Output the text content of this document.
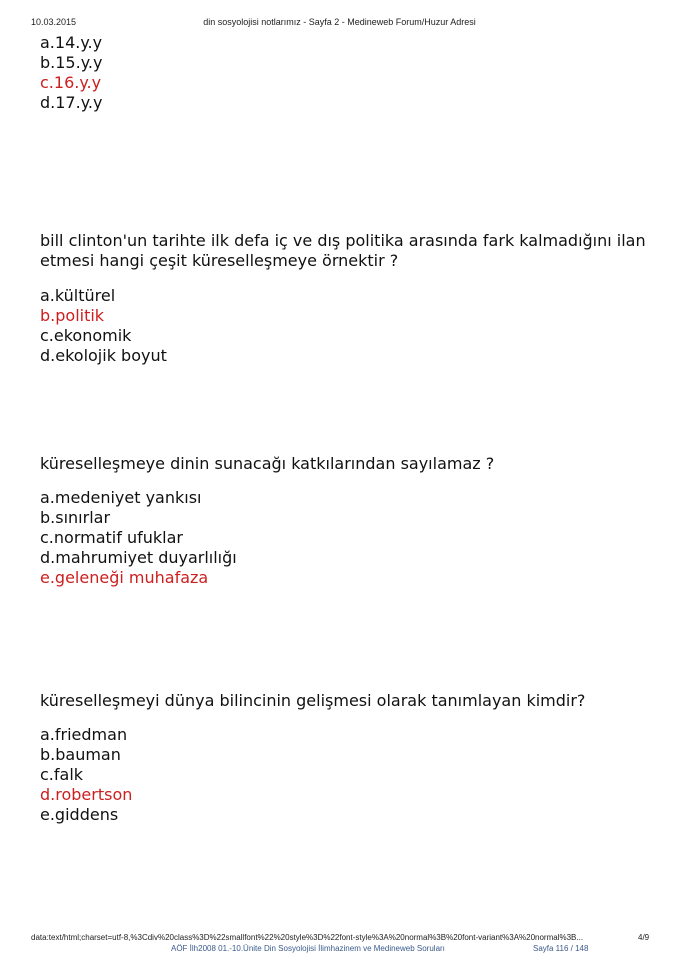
10.03.2015	din sosyolojisi notlarımız - Sayfa 2 - Medineweb Forum/Huzur Adresi
a.14.y.y
b.15.y.y
c.16.y.y
d.17.y.y

bill clinton'un tarihte ilk defa iç ve dış politika arasında fark kalmadığını ilan etmesi hangi çeşit küreselleşmeye örnektir ?

a.kültürel
b.politik
c.ekonomik
d.ekolojik boyut

küreselleşmeye dinin sunacağı katkılarından sayılamaz ?

a.medeniyet yankısı
b.sınırlar
c.normatif ufuklar
d.mahrumiyet duyarlılığı
e.geleneği muhafaza

küreselleşmeyi dünya bilincinin gelişmesi olarak tanımlayan kimdir?

a.friedman
b.bauman
c.falk
d.robertson
e.giddens
data:text/html;charset=utf-8,%3Cdiv%20class%3D%22smallfont%22%20style%3D%22font-style%3A%20normal%3B%20font-variant%3A%20normal%3B...	4/9
AÖF İlh2008 01.-10.Ünite Din Sosyolojisi İlimhazinem ve Medineweb Soruları	Sayfa 116 / 148
